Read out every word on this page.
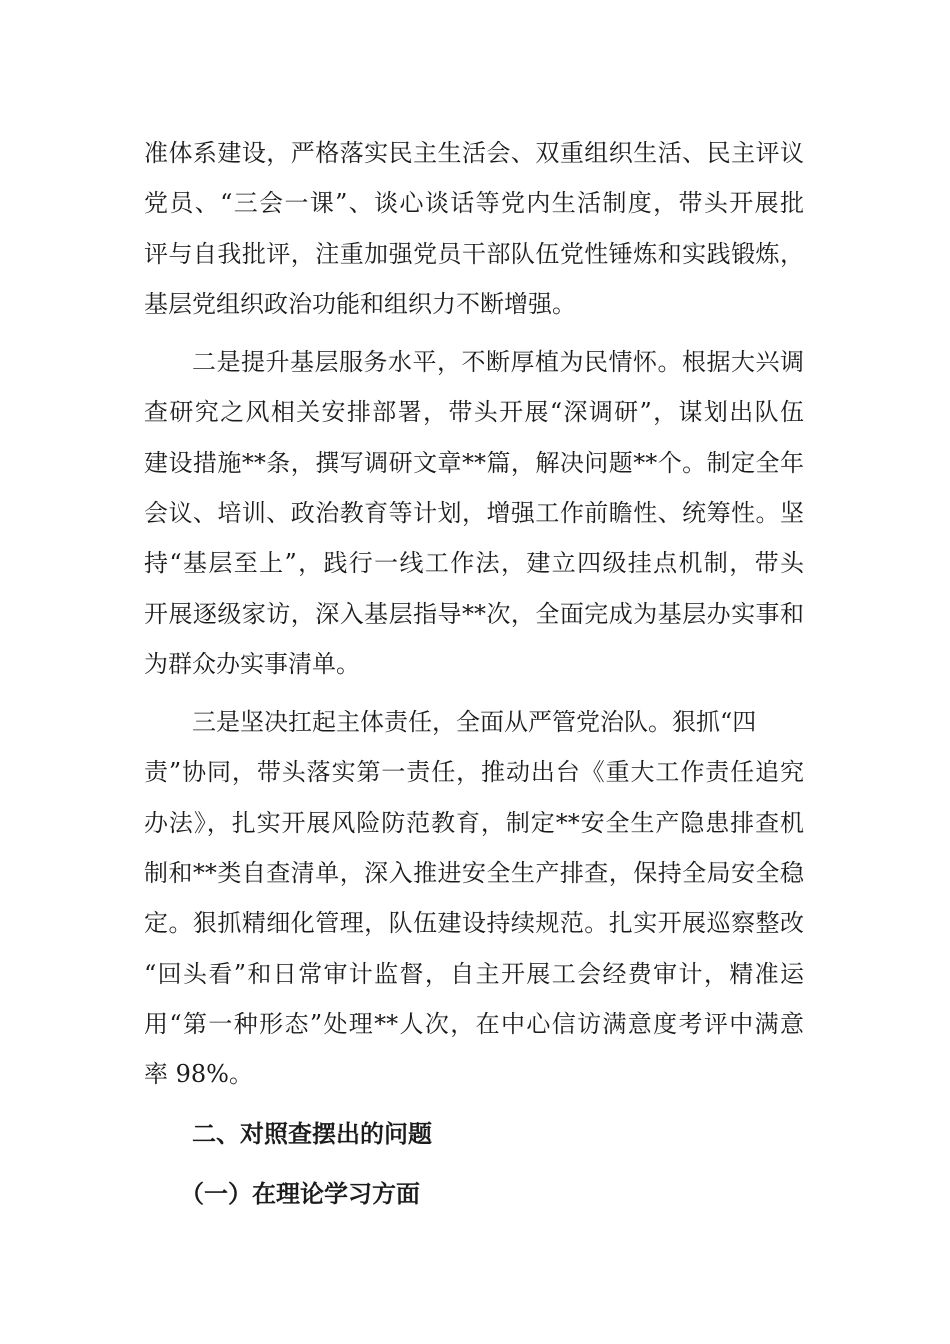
准体系建设，严格落实民主生活会、双重组织生活、民主评议
党员、“三会一课”、谈心谈话等党内生活制度，带头开展批
评与自我批评，注重加强党员干部队伍党性锤炼和实践锻炼，
基层党组织政治功能和组织力不断增强。
二是提升基层服务水平，不断厚植为民情怀。根据大兴调
查研究之风相关安排部署，带头开展“深调研”，谋划出队伍
建设措施**条，撰写调研文章**篇，解决问题**个。制定全年
会议、培训、政治教育等计划，增强工作前瞻性、统筹性。坚
持“基层至上”，践行一线工作法，建立四级挂点机制，带头
开展逐级家访，深入基层指导**次，全面完成为基层办实事和
为群众办实事清单。
三是坚决扛起主体责任，全面从严管党治队。狠抓“四
责”协同，带头落实第一责任，推动出台《重大工作责任追究
办法》，扎实开展风险防范教育，制定**安全生产隐患排查机
制和**类自查清单，深入推进安全生产排查，保持全局安全稳
定。狠抓精细化管理，队伍建设持续规范。扎实开展巡察整改
“回头看”和日常审计监督，自主开展工会经费审计，精准运
用“第一种形态”处理**人次，在中心信访满意度考评中满意
率 98%。
二、对照查摆出的问题
（一）在理论学习方面
